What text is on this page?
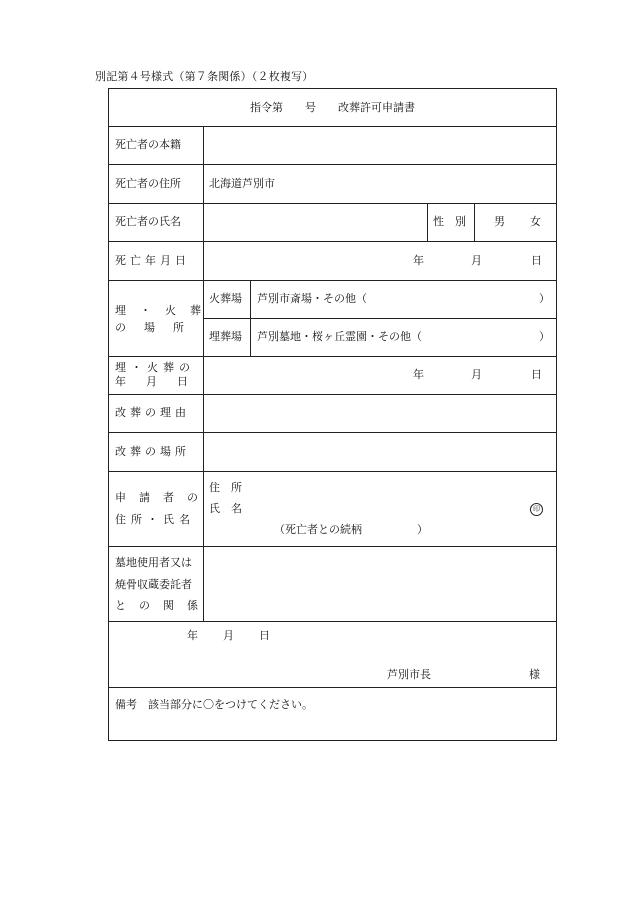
別記第４号様式（第７条関係）（２枚複写）
指令第　　号　　改葬許可申請書
死亡者の本籍
死亡者の住所	北海道芦別市
死亡者の氏名	性　別	男 女
死亡年月日	年	月	日
埋・火葬
の場所
火葬場 芦別市斎場・その他（	）
埋葬場 芦別墓地・桜ヶ丘霊園・その他（	）
埋・火葬の
年月日
年	月	日
改葬の理由
改葬の場所
申請者の
住所・氏名
住　所
氏　名	印
（死亡者との続柄　　　　　）
墓地使用者又は
焼骨収蔵委託者
との関係
年 月 日
芦別市長	様
備考　該当部分に〇をつけてください。
